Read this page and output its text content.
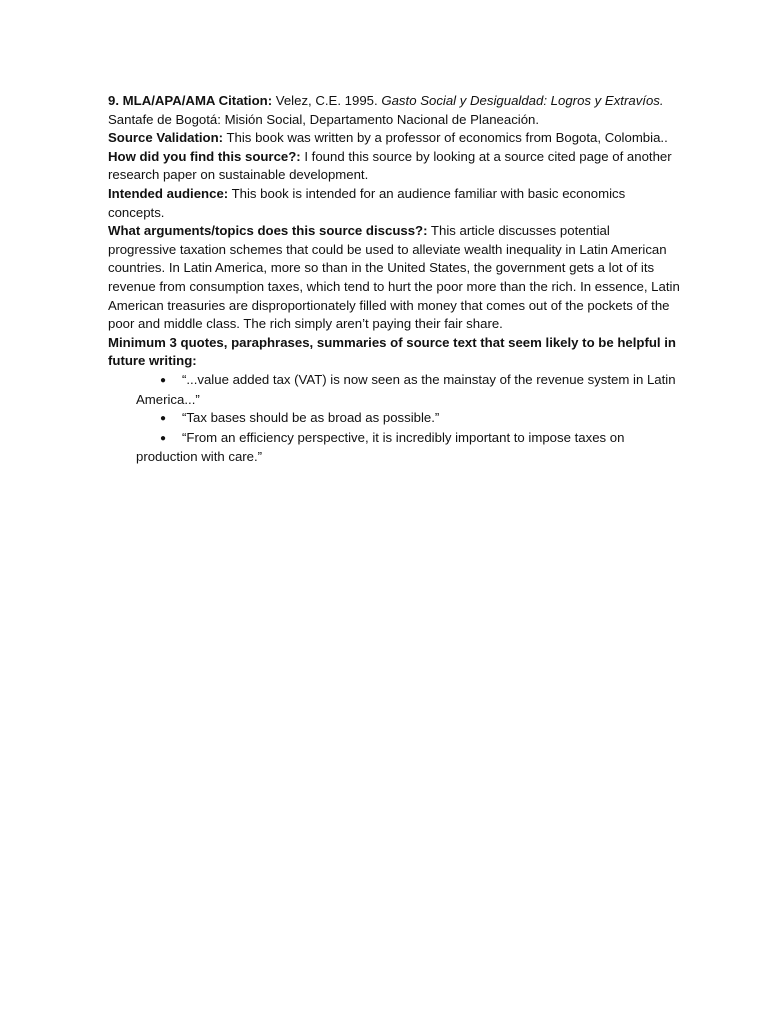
9. MLA/APA/AMA Citation: Velez, C.E. 1995. Gasto Social y Desigualdad: Logros y Extravíos. Santafe de Bogotá: Misión Social, Departamento Nacional de Planeación.

Source Validation: This book was written by a professor of economics from Bogota, Colombia..

How did you find this source?: I found this source by looking at a source cited page of another research paper on sustainable development.

Intended audience: This book is intended for an audience familiar with basic economics concepts.

What arguments/topics does this source discuss?: This article discusses potential progressive taxation schemes that could be used to alleviate wealth inequality in Latin American countries. In Latin America, more so than in the United States, the government gets a lot of its revenue from consumption taxes, which tend to hurt the poor more than the rich. In essence, Latin American treasuries are disproportionately filled with money that comes out of the pockets of the poor and middle class. The rich simply aren’t paying their fair share.

Minimum 3 quotes, paraphrases, summaries of source text that seem likely to be helpful in future writing:

● “...value added tax (VAT) is now seen as the mainstay of the revenue system in Latin America...”
● “Tax bases should be as broad as possible.”
● “From an efficiency perspective, it is incredibly important to impose taxes on production with care.”
